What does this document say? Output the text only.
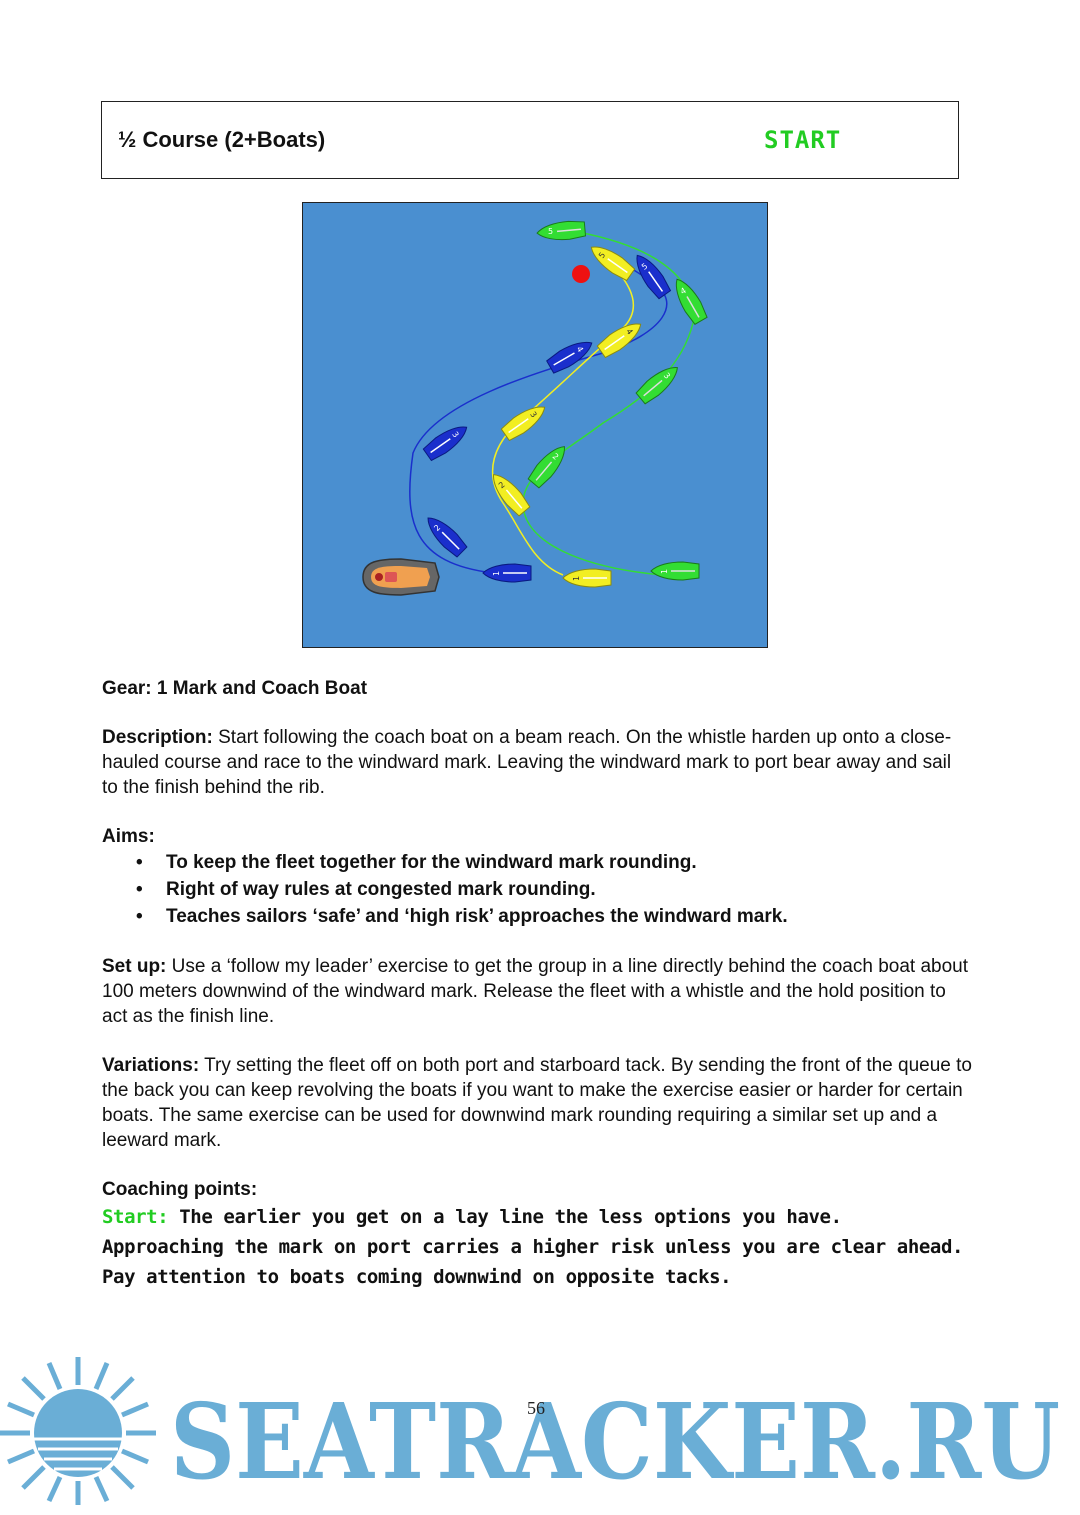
½ Course (2+Boats)	START
5
4
3
2
1
5
4
3
2
1
5
4
3
2
1

Gear: 1 Mark and Coach Boat

Description: Start following the coach boat on a beam reach. On the whistle harden up onto a close-hauled course and race to the windward mark. Leaving the windward mark to port bear away and sail to the finish behind the rib.

Aims:

• To keep the fleet together for the windward mark rounding.
• Right of way rules at congested mark rounding.
• Teaches sailors ‘safe’ and ‘high risk’ approaches the windward mark.

Set up: Use a ‘follow my leader’ exercise to get the group in a line directly behind the coach boat about 100 meters downwind of the windward mark. Release the fleet with a whistle and the hold position to act as the finish line.

Variations: Try setting the fleet off on both port and starboard tack. By sending the front of the queue to the back you can keep revolving the boats if you want to make the exercise easier or harder for certain boats. The same exercise can be used for downwind mark rounding requiring a similar set up and a leeward mark.

Coaching points:

Start: The earlier you get on a lay line the less options you have. Approaching the mark on port carries a higher risk unless you are clear ahead. Pay attention to boats coming downwind on opposite tacks.

SEATRACKER.RU
56
